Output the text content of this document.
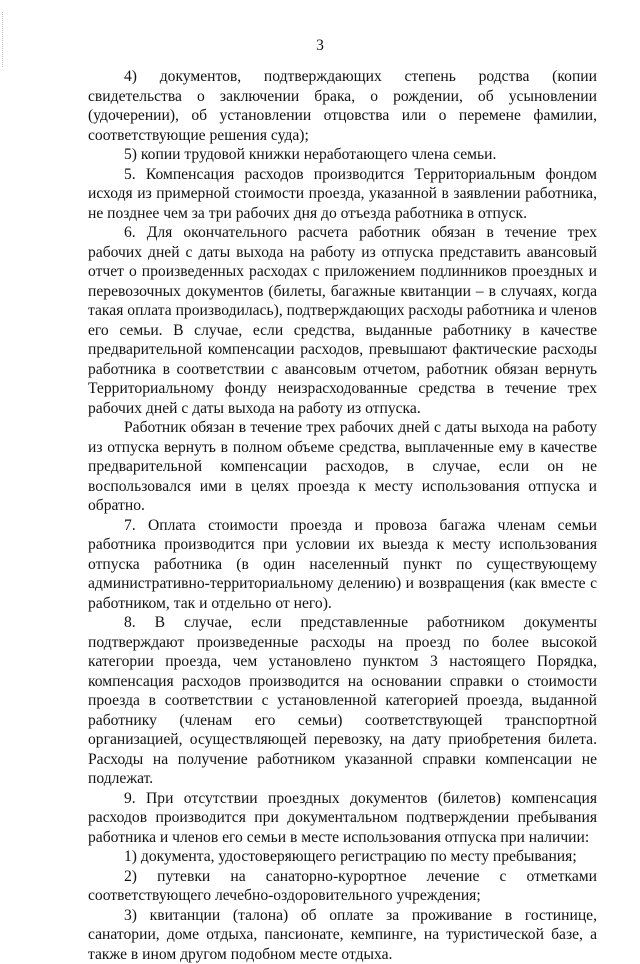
3

4) документов, подтверждающих степень родства (копии свидетельства о заключении брака, о рождении, об усыновлении (удочерении), об установлении отцовства или о перемене фамилии, соответствующие решения суда);

5) копии трудовой книжки неработающего члена семьи.

5. Компенсация расходов производится Территориальным фондом исходя из примерной стоимости проезда, указанной в заявлении работника, не позднее чем за три рабочих дня до отъезда работника в отпуск.

6. Для окончательного расчета работник обязан в течение трех рабочих дней с даты выхода на работу из отпуска представить авансовый отчет о произведенных расходах с приложением подлинников проездных и перевозочных документов (билеты, багажные квитанции – в случаях, когда такая оплата производилась), подтверждающих расходы работника и членов его семьи. В случае, если средства, выданные работнику в качестве предварительной компенсации расходов, превышают фактические расходы работника в соответствии с авансовым отчетом, работник обязан вернуть Территориальному фонду неизрасходованные средства в течение трех рабочих дней с даты выхода на работу из отпуска.

Работник обязан в течение трех рабочих дней с даты выхода на работу из отпуска вернуть в полном объеме средства, выплаченные ему в качестве предварительной компенсации расходов, в случае, если он не воспользовался ими в целях проезда к месту использования отпуска и обратно.

7. Оплата стоимости проезда и провоза багажа членам семьи работника производится при условии их выезда к месту использования отпуска работника (в один населенный пункт по существующему административно-территориальному делению) и возвращения (как вместе с работником, так и отдельно от него).

8. В случае, если представленные работником документы подтверждают произведенные расходы на проезд по более высокой категории проезда, чем установлено пунктом 3 настоящего Порядка, компенсация расходов производится на основании справки о стоимости проезда в соответствии с установленной категорией проезда, выданной работнику (членам его семьи) соответствующей транспортной организацией, осуществляющей перевозку, на дату приобретения билета. Расходы на получение работником указанной справки компенсации не подлежат.

9. При отсутствии проездных документов (билетов) компенсация расходов производится при документальном подтверждении пребывания работника и членов его семьи в месте использования отпуска при наличии:

1) документа, удостоверяющего регистрацию по месту пребывания;

2) путевки на санаторно-курортное лечение с отметками соответствующего лечебно-оздоровительного учреждения;

3) квитанции (талона) об оплате за проживание в гостинице, санатории, доме отдыха, пансионате, кемпинге, на туристической базе, а также в ином другом подобном месте отдыха.
